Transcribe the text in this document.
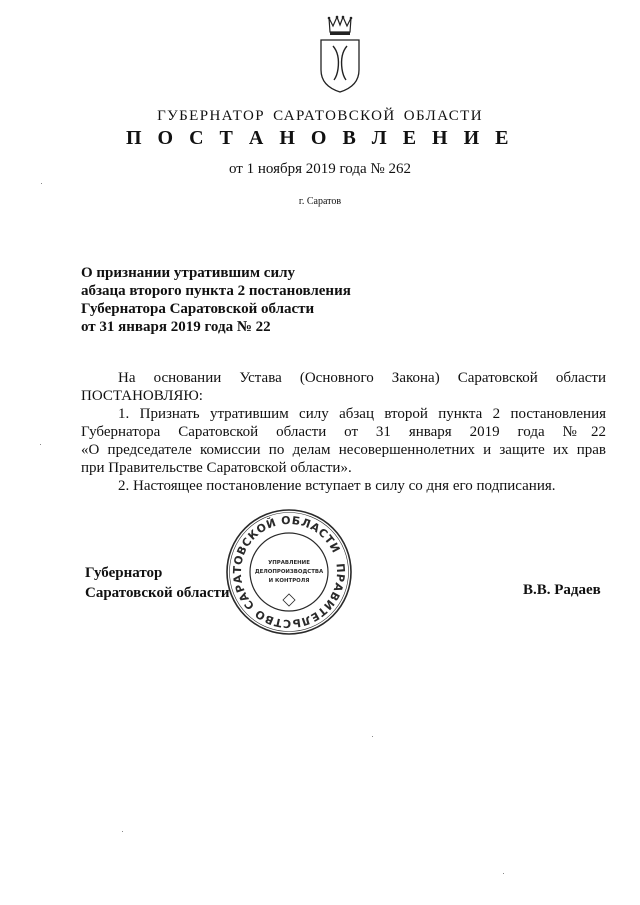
ГУБЕРНАТОР САРАТОВСКОЙ ОБЛАСТИ
П О С Т А Н О В Л Е Н И Е
от 1 ноября 2019 года № 262
г. Саратов
О признании утратившим силу
абзаца второго пункта 2 постановления
Губернатора Саратовской области
от 31 января 2019 года № 22

На основании Устава (Основного Закона) Саратовской области

ПОСТАНОВЛЯЮ:

1. Признать утратившим силу абзац второй пункта 2 постановления

Губернатора Саратовской области от 31 января 2019 года №22

«О председателе комиссии по делам несовершеннолетних и защите их прав

при Правительстве Саратовской области».

2. Настоящее постановление вступает в силу со дня его подписания.

ПРАВИТЕЛЬСТВО САРАТОВСКОЙ ОБЛАСТИ
УПРАВЛЕНИЕ
ДЕЛОПРОИЗВОДСТВА
И КОНТРОЛЯ
Губернатор
Саратовской области	В.В. Радаев
